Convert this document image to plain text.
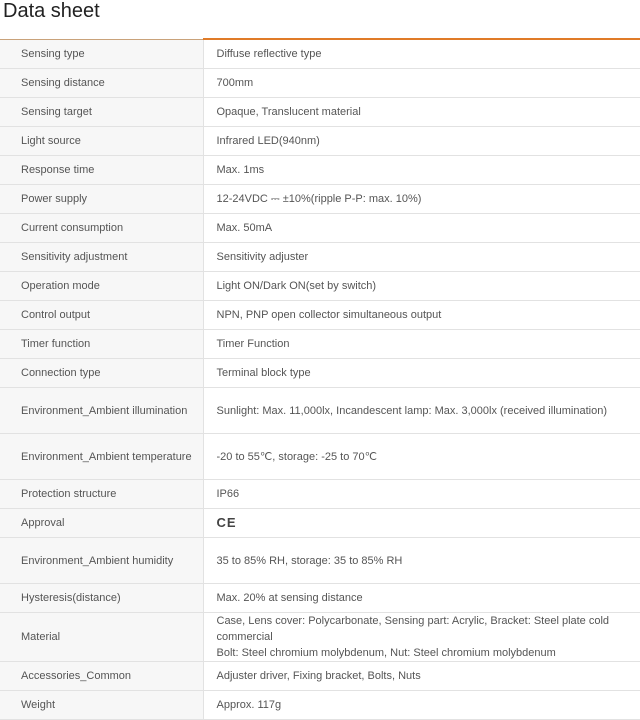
Data sheet
Sensing type	Diffuse reflective type
Sensing distance	700mm
Sensing target	Opaque, Translucent material
Light source	Infrared LED(940nm)
Response time	Max. 1ms
Power supply	12-24VDC ⎓ ±10%(ripple P-P: max. 10%)
Current consumption	Max. 50mA
Sensitivity adjustment	Sensitivity adjuster
Operation mode	Light ON/Dark ON(set by switch)
Control output	NPN, PNP open collector simultaneous output
Timer function	Timer Function
Connection type	Terminal block type
Environment_Ambient illumination	Sunlight: Max. 11,000lx, Incandescent lamp: Max. 3,000lx (received illumination)
Environment_Ambient temperature	-20 to 55℃, storage: -25 to 70℃
Protection structure	IP66
Approval	CE
Environment_Ambient humidity	35 to 85% RH, storage: 35 to 85% RH
Hysteresis(distance)	Max. 20% at sensing distance
Material	Case, Lens cover: Polycarbonate, Sensing part: Acrylic, Bracket: Steel plate cold commercial
Bolt: Steel chromium molybdenum, Nut: Steel chromium molybdenum

Accessories_Common	Adjuster driver, Fixing bracket, Bolts, Nuts
Weight	Approx. 117g
